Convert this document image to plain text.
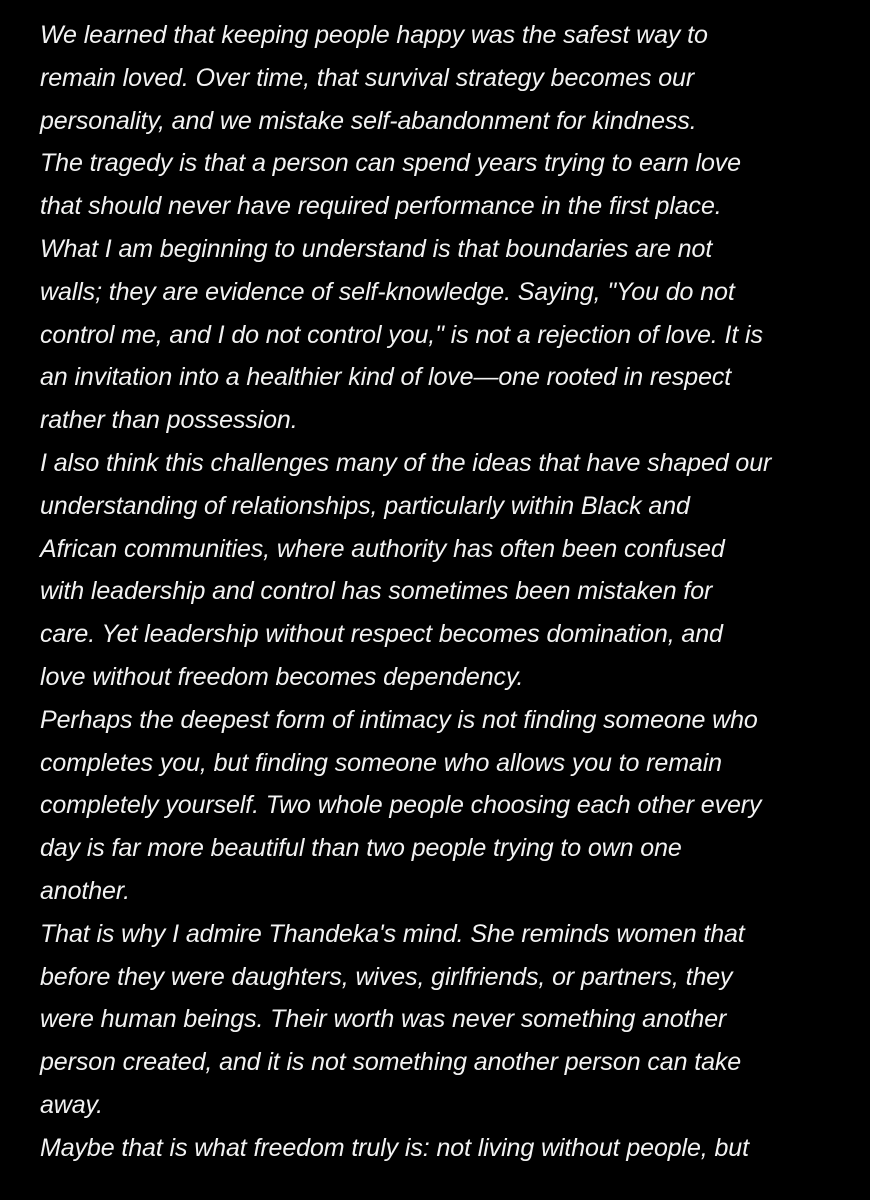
We learned that keeping people happy was the safest way to
remain loved. Over time, that survival strategy becomes our
personality, and we mistake self-abandonment for kindness.
The tragedy is that a person can spend years trying to earn love
that should never have required performance in the first place.
What I am beginning to understand is that boundaries are not
walls; they are evidence of self-knowledge. Saying, "You do not
control me, and I do not control you," is not a rejection of love. It is
an invitation into a healthier kind of love—one rooted in respect
rather than possession.
I also think this challenges many of the ideas that have shaped our
understanding of relationships, particularly within Black and
African communities, where authority has often been confused
with leadership and control has sometimes been mistaken for
care. Yet leadership without respect becomes domination, and
love without freedom becomes dependency.
Perhaps the deepest form of intimacy is not finding someone who
completes you, but finding someone who allows you to remain
completely yourself. Two whole people choosing each other every
day is far more beautiful than two people trying to own one
another.
That is why I admire Thandeka's mind. She reminds women that
before they were daughters, wives, girlfriends, or partners, they
were human beings. Their worth was never something another
person created, and it is not something another person can take
away.
Maybe that is what freedom truly is: not living without people, but
